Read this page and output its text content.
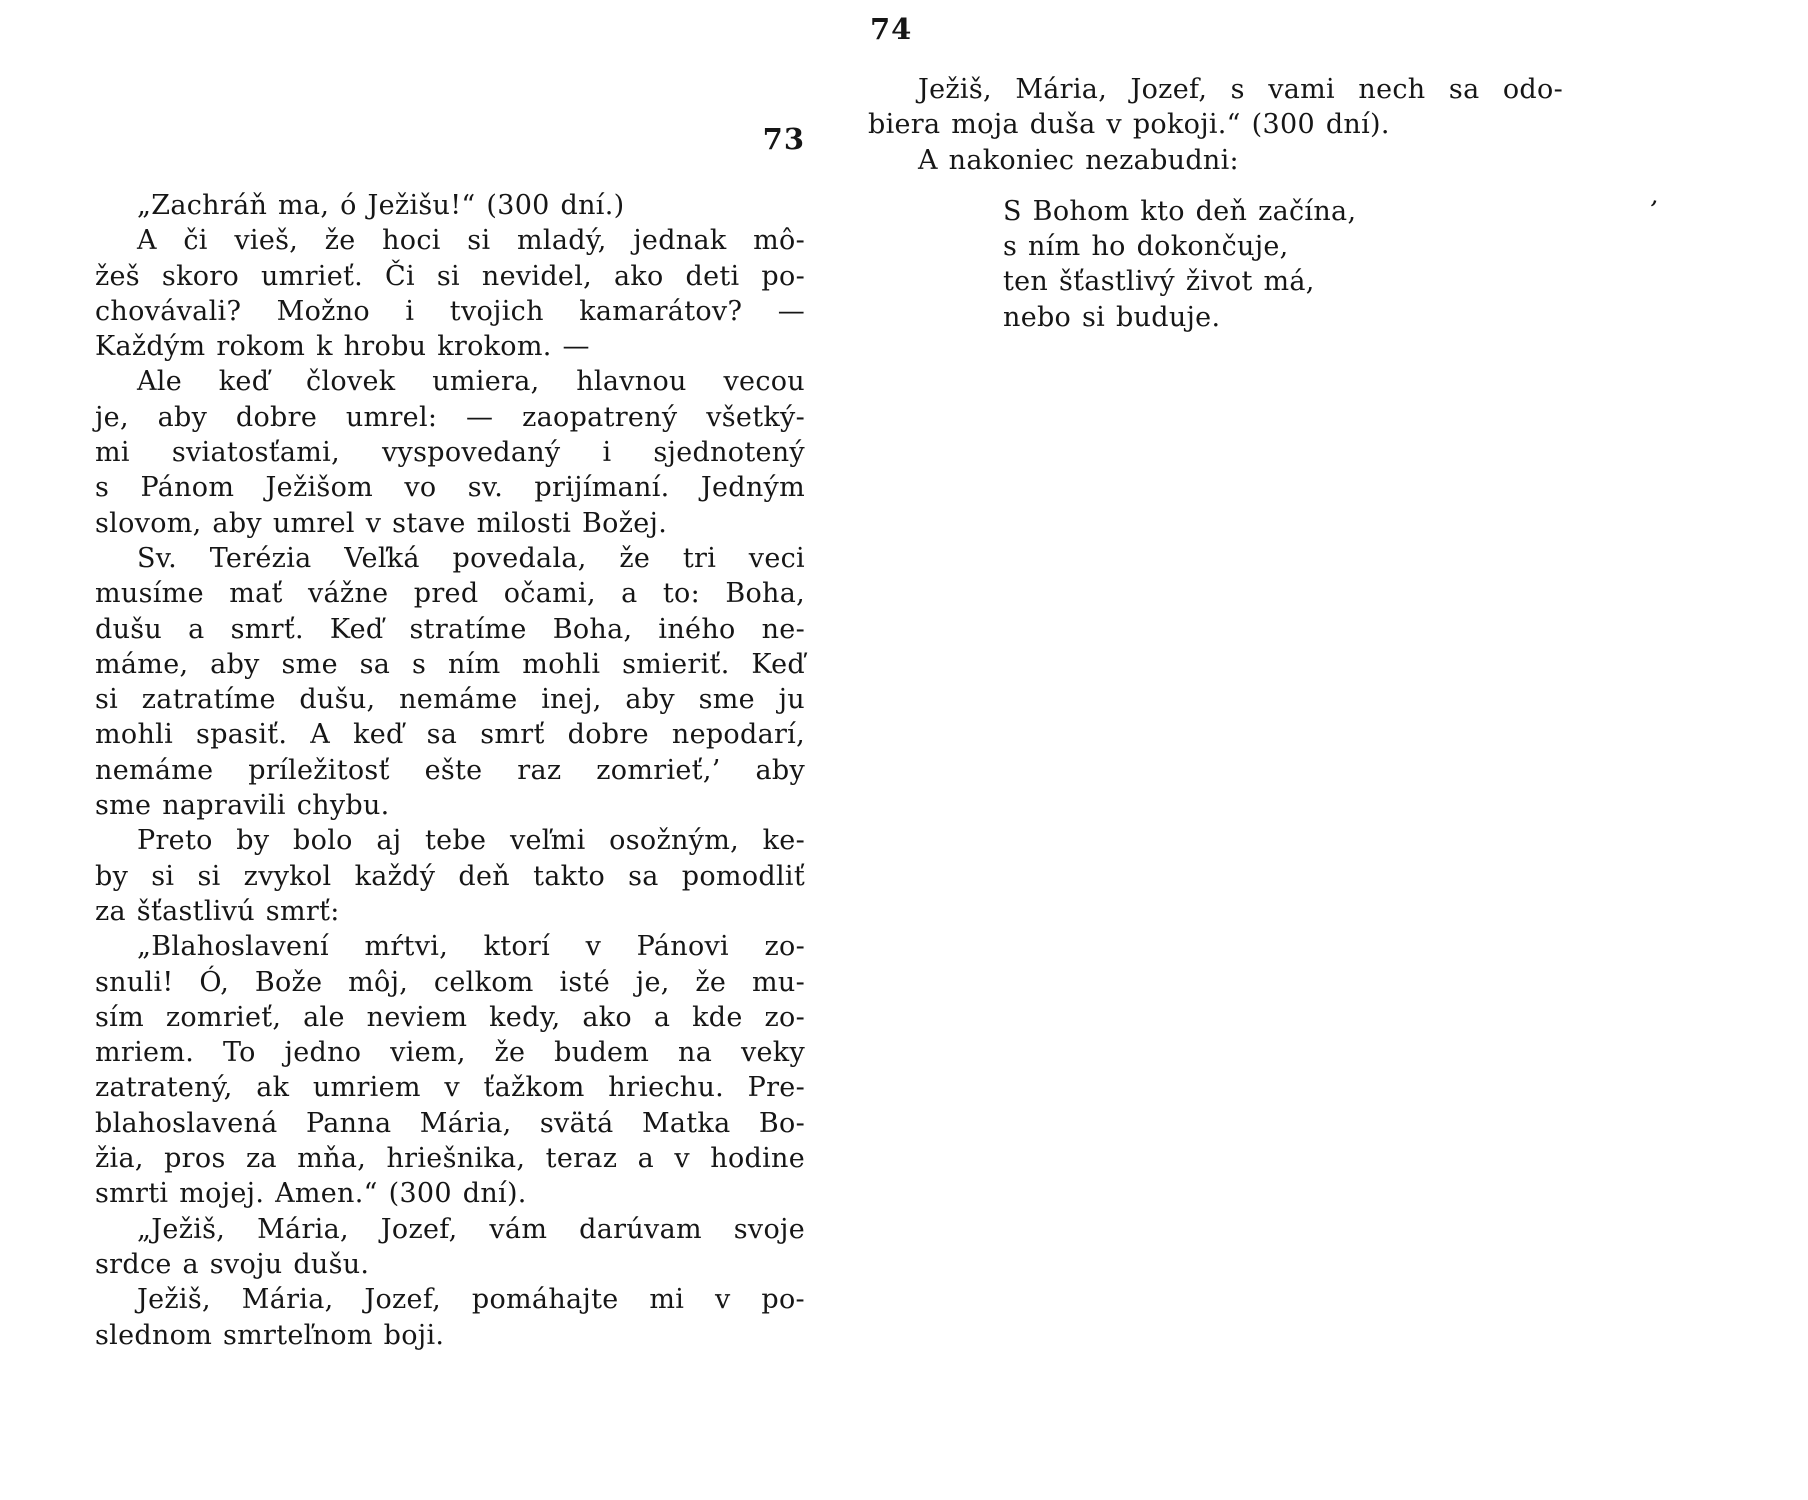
73
74
„Zachráň ma, ó Ježišu!“ (300 dní.)
A či vieš, že hoci si mladý, jednak mô-
žeš skoro umrieť. Či si nevidel, ako deti po-
chovávali? Možno i tvojich kamarátov? —
Každým rokom k hrobu krokom. —
Ale keď človek umiera, hlavnou vecou
je, aby dobre umrel: — zaopatrený všetký-
mi sviatosťami, vyspovedaný i sjednotený
s Pánom Ježišom vo sv. prijímaní. Jedným
slovom, aby umrel v stave milosti Božej.
Sv. Terézia Veľká povedala, že tri veci
musíme mať vážne pred očami, a to: Boha,
dušu a smrť. Keď stratíme Boha, iného ne-
máme, aby sme sa s ním mohli smieriť. Keď
si zatratíme dušu, nemáme inej, aby sme ju
mohli spasiť. A keď sa smrť dobre nepodarí,
nemáme príležitosť ešte raz zomrieť,’ aby
sme napravili chybu.
Preto by bolo aj tebe veľmi osožným, ke-
by si si zvykol každý deň takto sa pomodliť
za šťastlivú smrť:
„Blahoslavení mŕtvi, ktorí v Pánovi zo-
snuli! Ó, Bože môj, celkom isté je, že mu-
sím zomrieť, ale neviem kedy, ako a kde zo-
mriem. To jedno viem, že budem na veky
zatratený, ak umriem v ťažkom hriechu. Pre-
blahoslavená Panna Mária, svätá Matka Bo-
žia, pros za mňa, hriešnika, teraz a v hodine
smrti mojej. Amen.“ (300 dní).
„Ježiš, Mária, Jozef, vám darúvam svoje
srdce a svoju dušu.
Ježiš, Mária, Jozef, pomáhajte mi v po-
slednom smrteľnom boji.
Ježiš, Mária, Jozef, s vami nech sa odo-
biera moja duša v pokoji.“ (300 dní).
A nakoniec nezabudni:
S Bohom kto deň začína,
s ním ho dokončuje,
ten šťastlivý život má,
nebo si buduje.
’
